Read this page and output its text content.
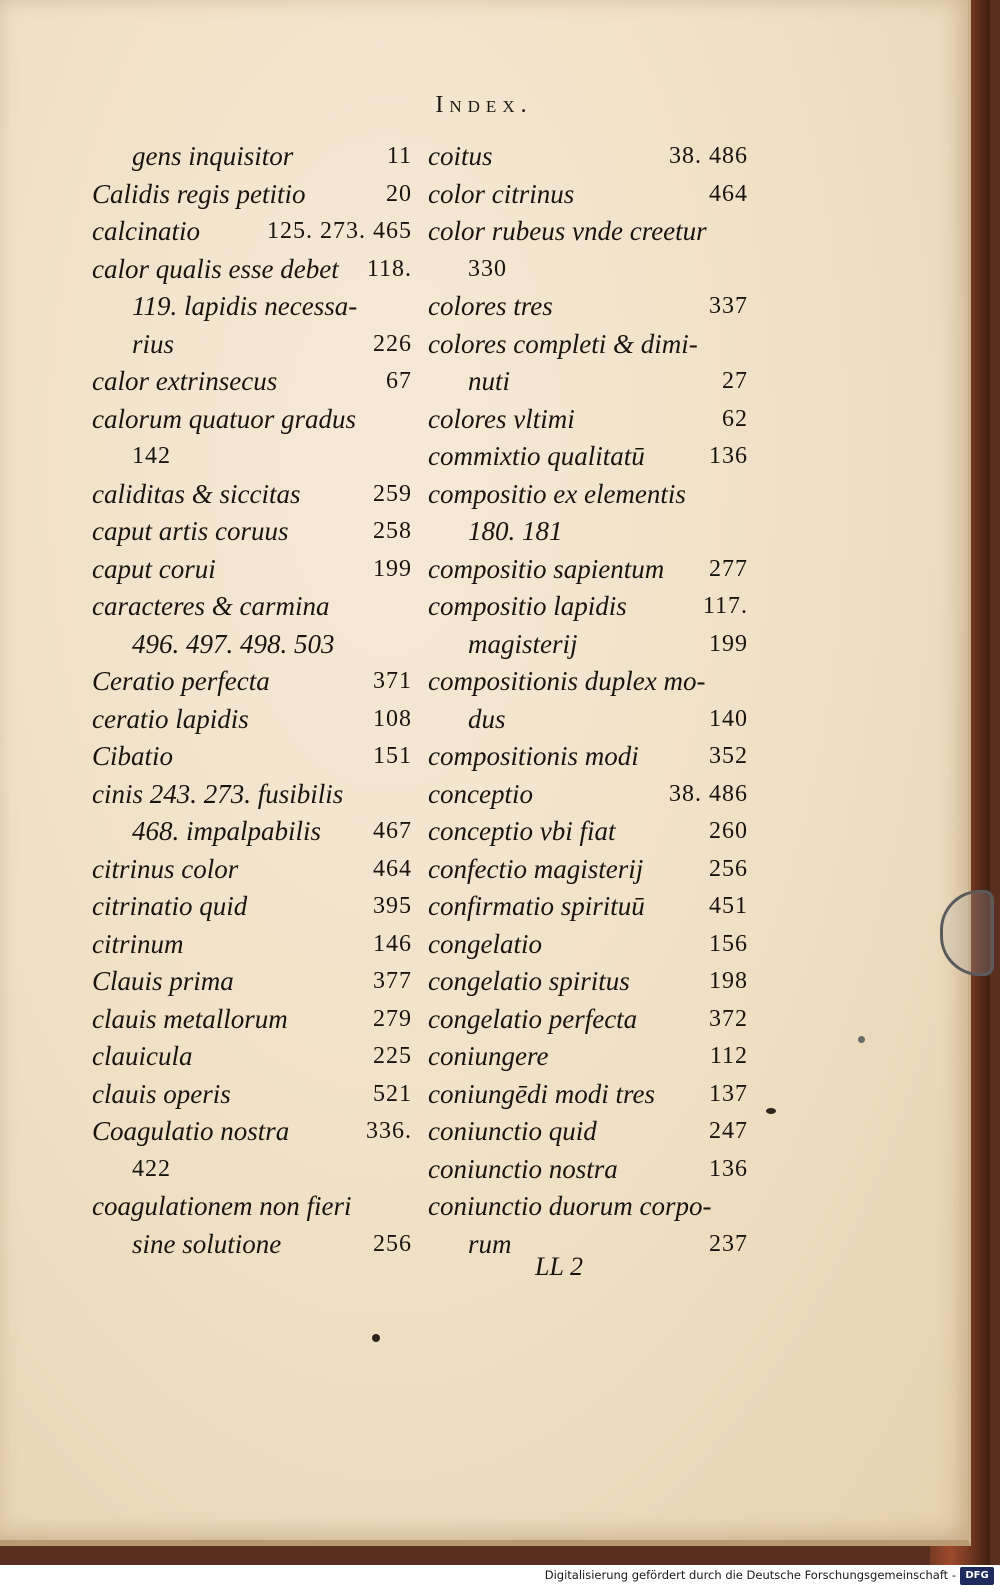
Index.
gens inquisitor	11
Calidis regis petitio	20
calcinatio	125. 273. 465
calor qualis esse debet 118.
119. lapidis necessa-
rius	226
calor extrinsecus	67
calorum quatuor gradus
142
caliditas & siccitas	259
caput artis coruus	258
caput corui	199
caracteres & carmina
496. 497. 498. 503
Ceratio perfecta	371
ceratio lapidis	108
Cibatio	151
cinis 243. 273. fusibilis
468. impalpabilis 467
citrinus color	464
citrinatio quid	395
citrinum	146
Clauis prima	377
clauis metallorum	279
clauicula	225
clauis operis	521
Coagulatio nostra	336.
422
coagulationem non fieri
sine solutione	256
coitus	38. 486
color citrinus	464
color rubeus vnde creetur
330
colores tres	337
colores completi & dimi-
nuti	27
colores vltimi	62
commixtio qualitatū	136
compositio ex elementis
180. 181
compositio sapientum 277
compositio lapidis	117.
magisterij	199
compositionis duplex mo-
dus	140
compositionis modi	352
conceptio	38. 486
conceptio vbi fiat	260
confectio magisterij	256
confirmatio spirituū	451
congelatio	156
congelatio spiritus	198
congelatio perfecta	372
coniungere	112
coniungēdi modi tres 137
coniunctio quid	247
coniunctio nostra	136
coniunctio duorum corpo-
rum	237
LL 2
Digitalisierung gefördert durch die Deutsche Forschungsgemeinschaft - DFG
